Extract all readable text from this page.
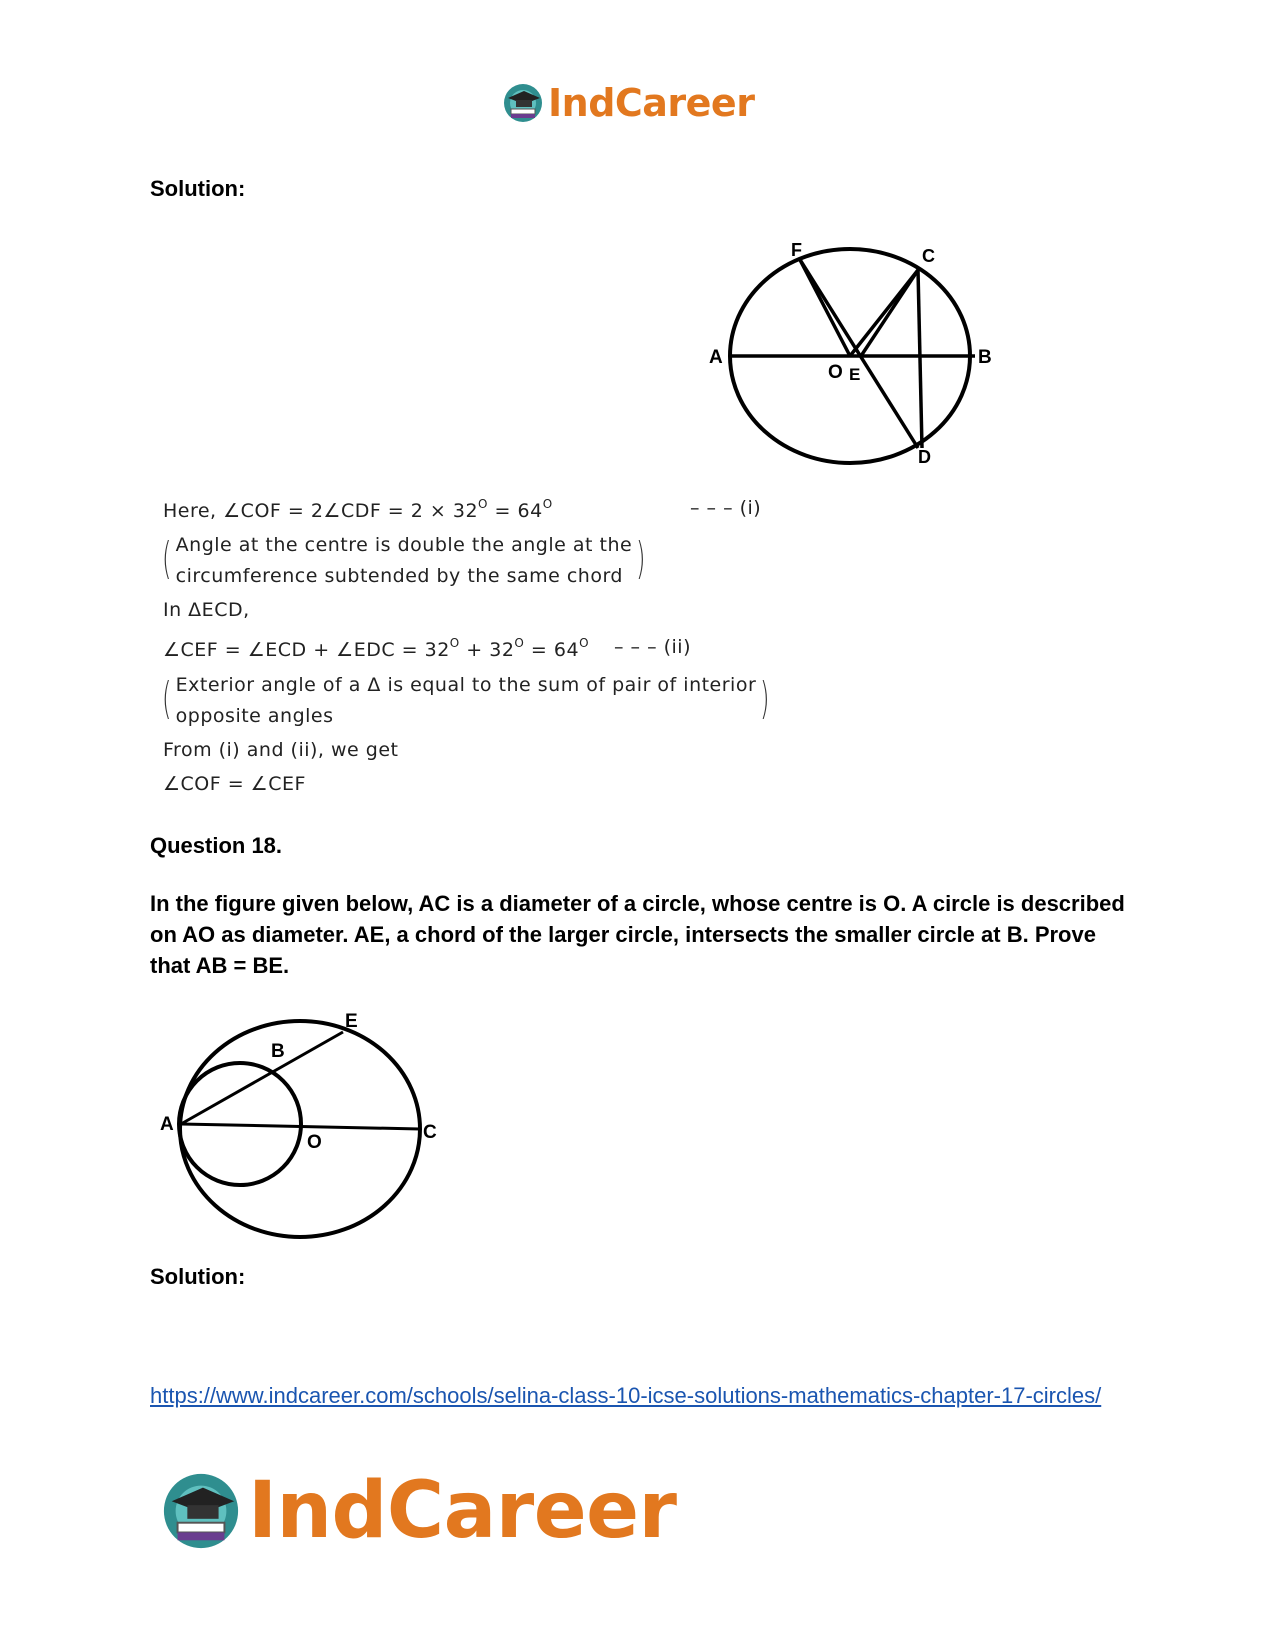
IndCareer
Solution:
F	C
A	B
O E
D
Here, ∠COF = 2∠CDF = $2 \times 32^O = 64^O$	– – – (i)
( Angle at the centre is double the angle at the
circumference subtended by the same chord )
In ΔECD,
∠CEF = ∠ECD + ∠EDC = $32^O + 32^O = 64^O$ – – – (ii)
( Exterior angle of a Δ is equal to the sum of pair of interior
opposite angles	)
From (i) and (ii), we get
∠COF = ∠CEF
Question 18.
In the figure given below, AC is a diameter of a circle, whose centre is O. A circle is described on AO as diameter. AE, a chord of the larger circle, intersects the smaller circle at B. Prove that AB = BE.
E
B
A	C
O
Solution:
https://www.indcareer.com/schools/selina-class-10-icse-solutions-mathematics-chapter-17-circles/
IndCareer
